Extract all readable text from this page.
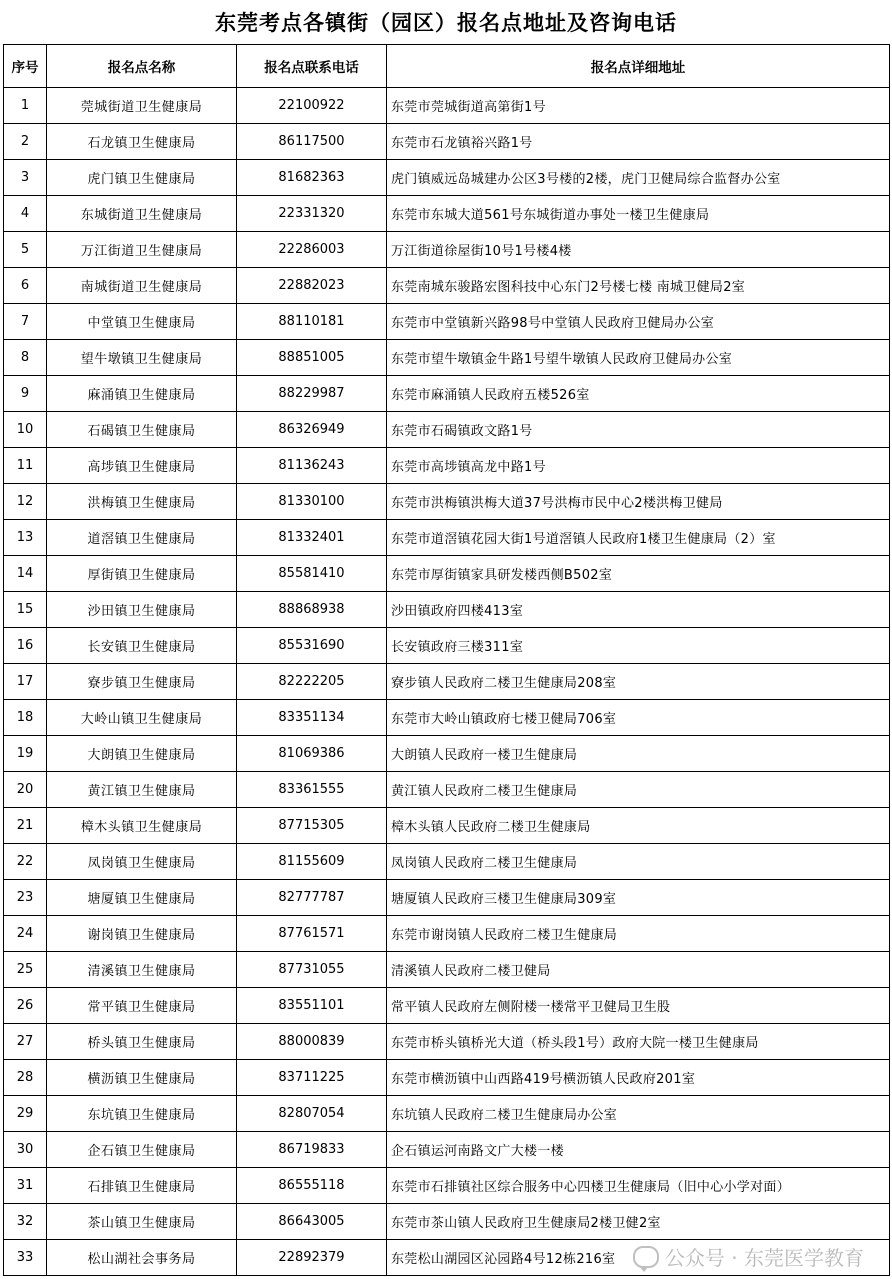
东莞考点各镇街（园区）报名点地址及咨询电话
序号	报名点名称	报名点联系电话	报名点详细地址
1	莞城街道卫生健康局	22100922	东莞市莞城街道高第街1号
2	石龙镇卫生健康局	86117500	东莞市石龙镇裕兴路1号
3	虎门镇卫生健康局	81682363	虎门镇威远岛城建办公区3号楼的2楼，虎门卫健局综合监督办公室
4	东城街道卫生健康局	22331320	东莞市东城大道561号东城街道办事处一楼卫生健康局
5	万江街道卫生健康局	22286003	万江街道徐屋街10号1号楼4楼
6	南城街道卫生健康局	22882023	东莞南城东骏路宏图科技中心东门2号楼七楼 南城卫健局2室
7	中堂镇卫生健康局	88110181	东莞市中堂镇新兴路98号中堂镇人民政府卫健局办公室
8	望牛墩镇卫生健康局	88851005	东莞市望牛墩镇金牛路1号望牛墩镇人民政府卫健局办公室
9	麻涌镇卫生健康局	88229987	东莞市麻涌镇人民政府五楼526室
10	石碣镇卫生健康局	86326949	东莞市石碣镇政文路1号
11	高埗镇卫生健康局	81136243	东莞市高埗镇高龙中路1号
12	洪梅镇卫生健康局	81330100	东莞市洪梅镇洪梅大道37号洪梅市民中心2楼洪梅卫健局
13	道滘镇卫生健康局	81332401	东莞市道滘镇花园大街1号道滘镇人民政府1楼卫生健康局（2）室
14	厚街镇卫生健康局	85581410	东莞市厚街镇家具研发楼西侧B502室
15	沙田镇卫生健康局	88868938	沙田镇政府四楼413室
16	长安镇卫生健康局	85531690	长安镇政府三楼311室
17	寮步镇卫生健康局	82222205	寮步镇人民政府二楼卫生健康局208室
18	大岭山镇卫生健康局	83351134	东莞市大岭山镇政府七楼卫健局706室
19	大朗镇卫生健康局	81069386	大朗镇人民政府一楼卫生健康局
20	黄江镇卫生健康局	83361555	黄江镇人民政府二楼卫生健康局
21	樟木头镇卫生健康局	87715305	樟木头镇人民政府二楼卫生健康局
22	凤岗镇卫生健康局	81155609	凤岗镇人民政府二楼卫生健康局
23	塘厦镇卫生健康局	82777787	塘厦镇人民政府三楼卫生健康局309室
24	谢岗镇卫生健康局	87761571	东莞市谢岗镇人民政府二楼卫生健康局
25	清溪镇卫生健康局	87731055	清溪镇人民政府二楼卫健局
26	常平镇卫生健康局	83551101	常平镇人民政府左侧附楼一楼常平卫健局卫生股
27	桥头镇卫生健康局	88000839	东莞市桥头镇桥光大道（桥头段1号）政府大院一楼卫生健康局
28	横沥镇卫生健康局	83711225	东莞市横沥镇中山西路419号横沥镇人民政府201室
29	东坑镇卫生健康局	82807054	东坑镇人民政府二楼卫生健康局办公室
30	企石镇卫生健康局	86719833	企石镇运河南路文广大楼一楼
31	石排镇卫生健康局	86555118	东莞市石排镇社区综合服务中心四楼卫生健康局（旧中心小学对面）
32	茶山镇卫生健康局	86643005	东莞市茶山镇人民政府卫生健康局2楼卫健2室
33	松山湖社会事务局	22892379	东莞松山湖园区沁园路4号12栋216室 公众号 · 东莞医学教育
